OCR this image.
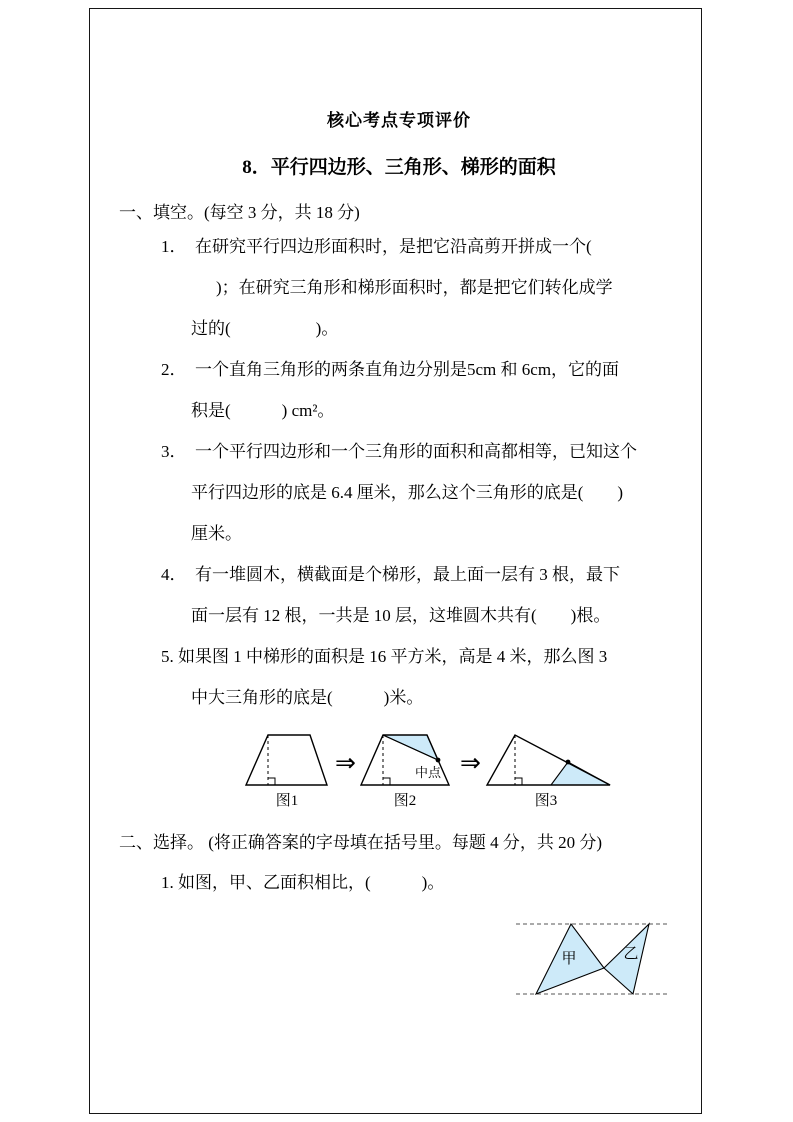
核心考点专项评价
8．平行四边形、三角形、梯形的面积
一、填空。(每空 3 分，共 18 分)
1．　在研究平行四边形面积时，是把它沿高剪开拼成一个(
)；在研究三角形和梯形面积时，都是把它们转化成学
过的(　　　　　)。
2．　一个直角三角形的两条直角边分别是5cm 和 6cm，它的面
积是(　　　) cm²。
3．　一个平行四边形和一个三角形的面积和高都相等，已知这个
平行四边形的底是 6.4 厘米，那么这个三角形的底是(　　)
厘米。
4．　有一堆圆木，横截面是个梯形，最上面一层有 3 根，最下
面一层有 12 根，一共是 10 层，这堆圆木共有(　　)根。
5. 如果图 1 中梯形的面积是 16 平方米，高是 4 米，那么图 3
中大三角形的底是(　　　)米。
图1
⇒	中点
图2
⇒
图3
二、选择。 (将正确答案的字母填在括号里。每题 4 分，共 20 分)
1. 如图，甲、乙面积相比，(　　　)。
甲	乙
